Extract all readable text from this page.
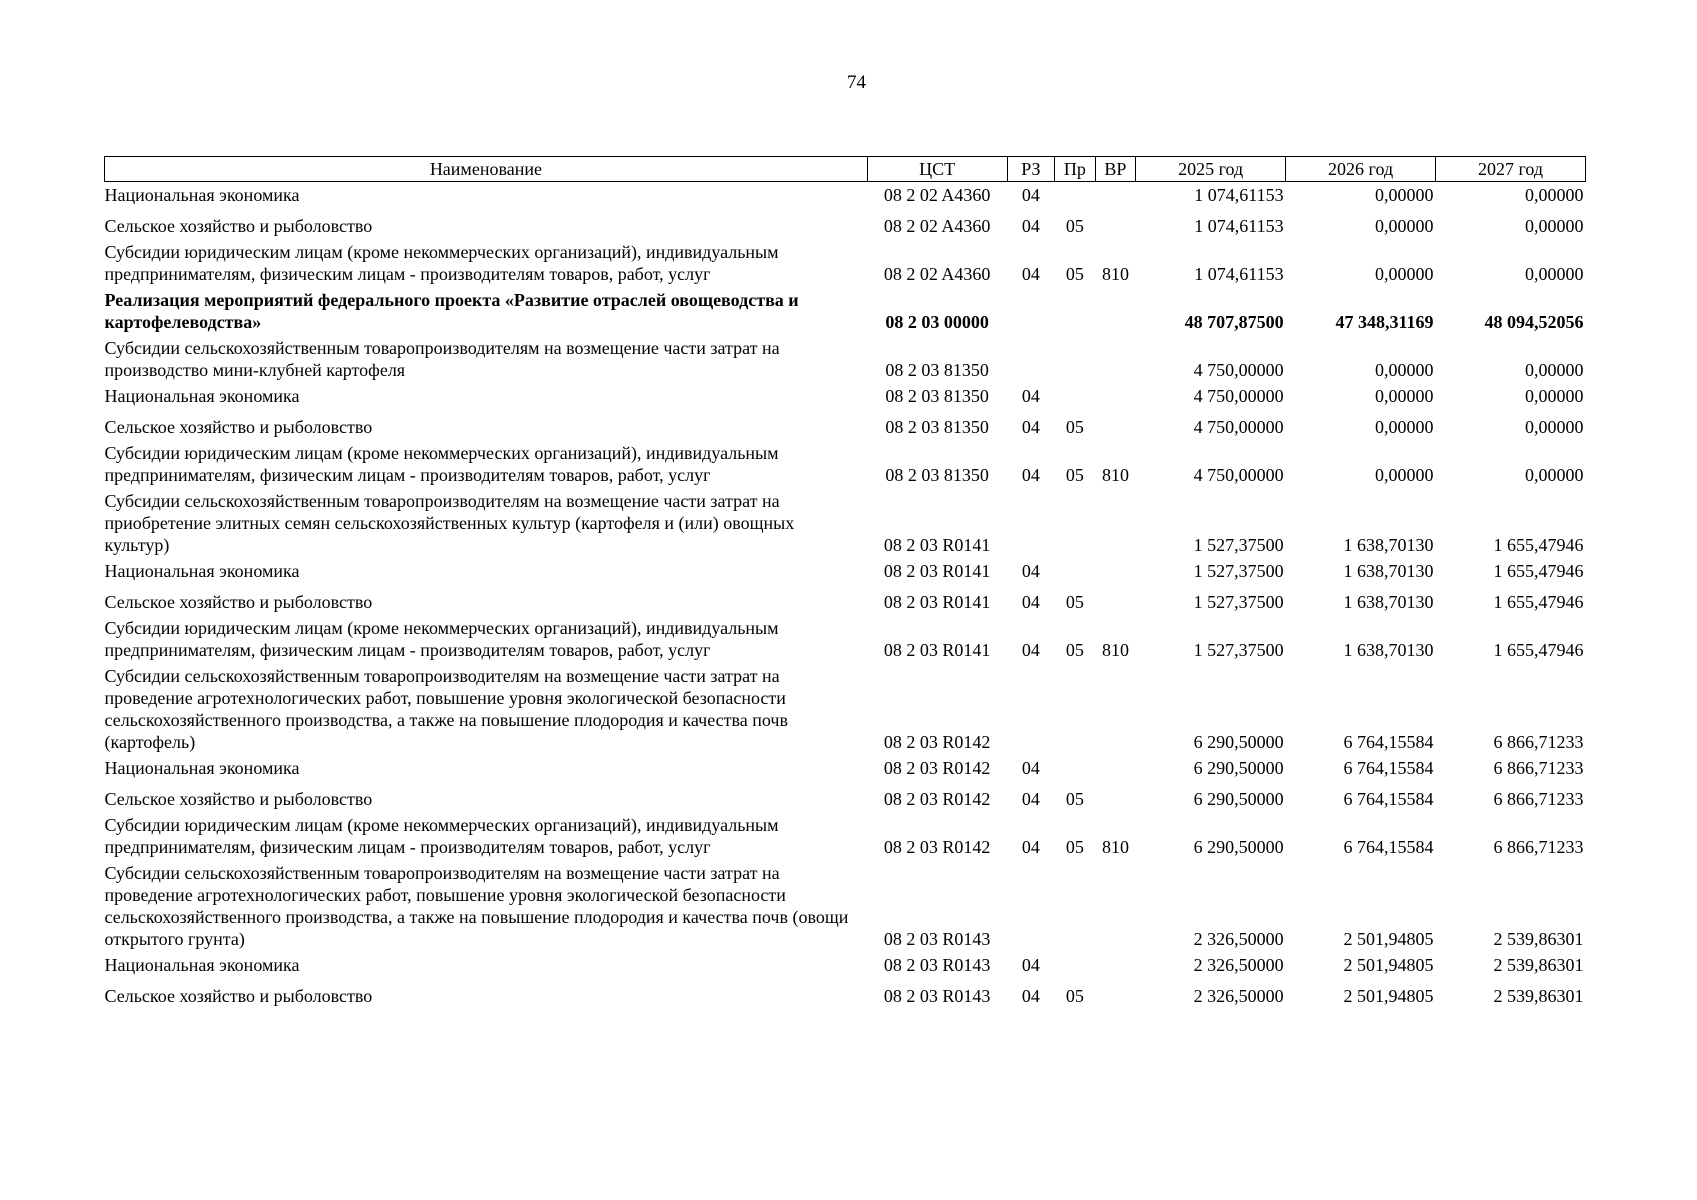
74
Наименование	ЦСТ	РЗ	Пр	ВР	2025 год	2026 год	2027 год
Национальная экономика	08 2 02 A4360	04			1 074,61153	0,00000	0,00000
Сельское хозяйство и рыболовство	08 2 02 A4360	04	05		1 074,61153	0,00000	0,00000
Субсидии юридическим лицам (кроме некоммерческих организаций), индивидуальным предпринимателям, физическим лицам - производителям товаров, работ, услуг	08 2 02 A4360	04	05	810	1 074,61153	0,00000	0,00000
Реализация мероприятий федерального проекта «Развитие отраслей овощеводства и картофелеводства»	08 2 03 00000				48 707,87500	47 348,31169	48 094,52056
Субсидии сельскохозяйственным товаропроизводителям на возмещение части затрат на производство мини-клубней картофеля	08 2 03 81350				4 750,00000	0,00000	0,00000
Национальная экономика	08 2 03 81350	04			4 750,00000	0,00000	0,00000
Сельское хозяйство и рыболовство	08 2 03 81350	04	05		4 750,00000	0,00000	0,00000
Субсидии юридическим лицам (кроме некоммерческих организаций), индивидуальным предпринимателям, физическим лицам - производителям товаров, работ, услуг	08 2 03 81350	04	05	810	4 750,00000	0,00000	0,00000
Субсидии сельскохозяйственным товаропроизводителям на возмещение части затрат на приобретение элитных семян сельскохозяйственных культур (картофеля и (или) овощных культур)	08 2 03 R0141				1 527,37500	1 638,70130	1 655,47946
Национальная экономика	08 2 03 R0141	04			1 527,37500	1 638,70130	1 655,47946
Сельское хозяйство и рыболовство	08 2 03 R0141	04	05		1 527,37500	1 638,70130	1 655,47946
Субсидии юридическим лицам (кроме некоммерческих организаций), индивидуальным предпринимателям, физическим лицам - производителям товаров, работ, услуг	08 2 03 R0141	04	05	810	1 527,37500	1 638,70130	1 655,47946
Субсидии сельскохозяйственным товаропроизводителям на возмещение части затрат на проведение агротехнологических работ, повышение уровня экологической безопасности сельскохозяйственного производства, а также на повышение плодородия и качества почв (картофель)	08 2 03 R0142				6 290,50000	6 764,15584	6 866,71233
Национальная экономика	08 2 03 R0142	04			6 290,50000	6 764,15584	6 866,71233
Сельское хозяйство и рыболовство	08 2 03 R0142	04	05		6 290,50000	6 764,15584	6 866,71233
Субсидии юридическим лицам (кроме некоммерческих организаций), индивидуальным предпринимателям, физическим лицам - производителям товаров, работ, услуг	08 2 03 R0142	04	05	810	6 290,50000	6 764,15584	6 866,71233
Субсидии сельскохозяйственным товаропроизводителям на возмещение части затрат на проведение агротехнологических работ, повышение уровня экологической безопасности сельскохозяйственного производства, а также на повышение плодородия и качества почв (овощи открытого грунта)	08 2 03 R0143				2 326,50000	2 501,94805	2 539,86301
Национальная экономика	08 2 03 R0143	04			2 326,50000	2 501,94805	2 539,86301
Сельское хозяйство и рыболовство	08 2 03 R0143	04	05		2 326,50000	2 501,94805	2 539,86301
